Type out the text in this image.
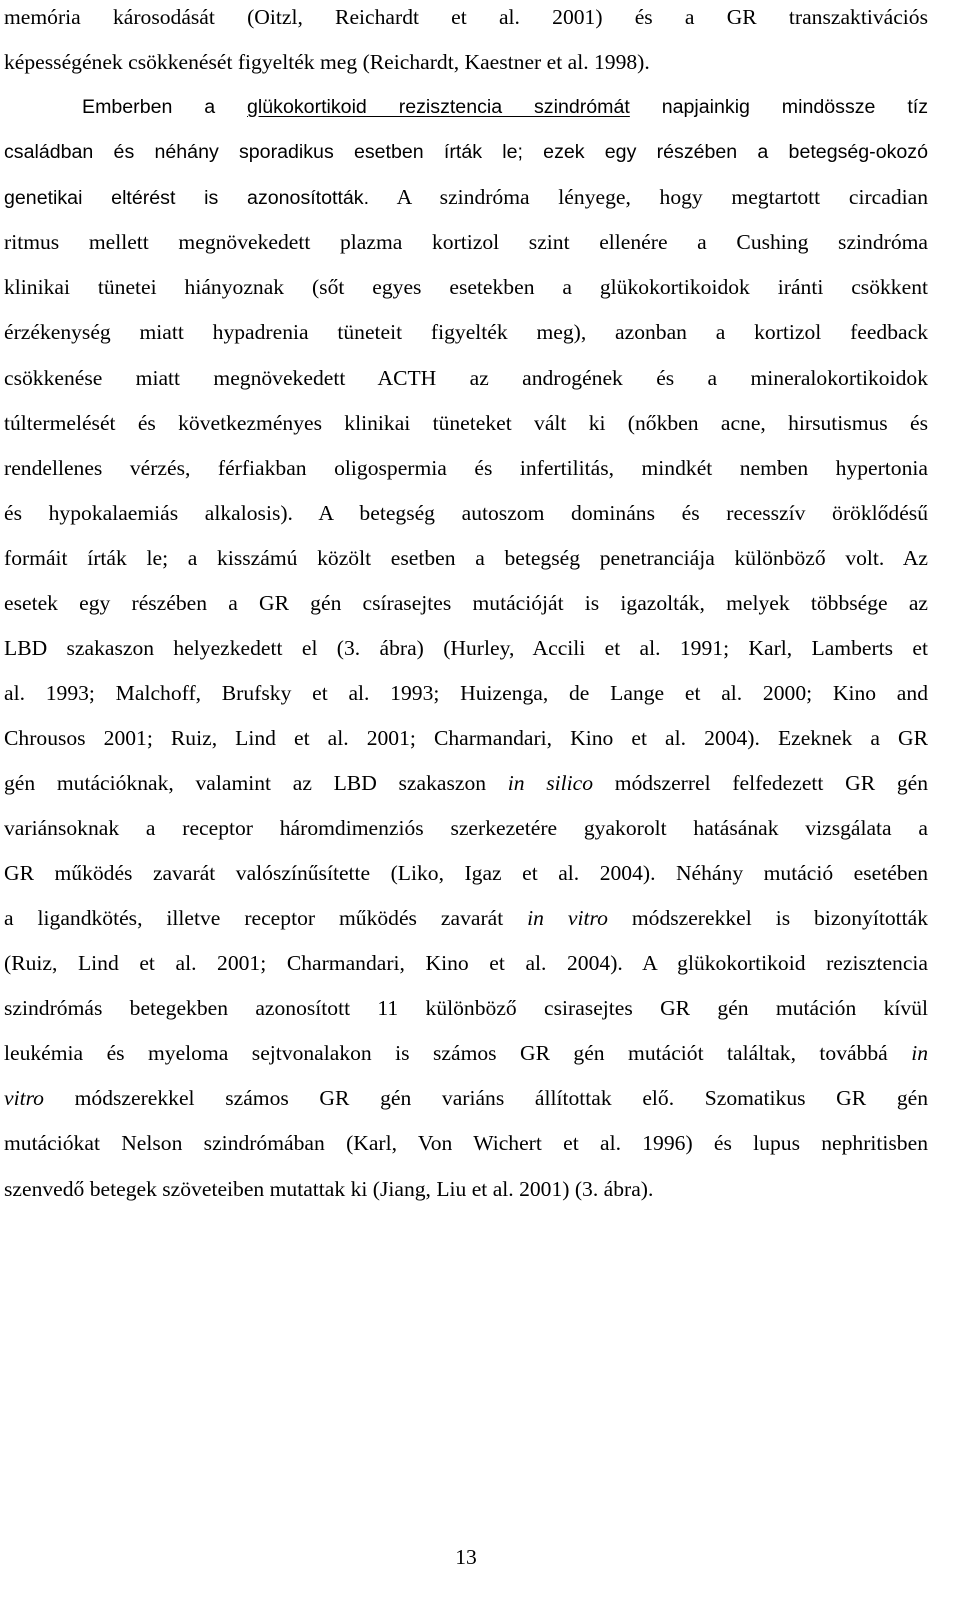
memória károsodását (Oitzl, Reichardt et al. 2001) és a GR transzaktivációs
képességének csökkenését figyelték meg (Reichardt, Kaestner et al. 1998).
Emberben a glükokortikoid rezisztencia szindrómát napjainkig mindössze tíz
családban és néhány sporadikus esetben írták le; ezek egy részében a betegség-okozó
genetikai eltérést is azonosították. A szindróma lényege, hogy megtartott circadian
ritmus mellett megnövekedett plazma kortizol szint ellenére a Cushing szindróma
klinikai tünetei hiányoznak (sőt egyes esetekben a glükokortikoidok iránti csökkent
érzékenység miatt hypadrenia tüneteit figyelték meg), azonban a kortizol feedback
csökkenése miatt megnövekedett ACTH az androgének és a mineralokortikoidok
túltermelését és következményes klinikai tüneteket vált ki (nőkben acne, hirsutismus és
rendellenes vérzés, férfiakban oligospermia és infertilitás, mindkét nemben hypertonia
és hypokalaemiás alkalosis). A betegség autoszom domináns és recesszív öröklődésű
formáit írták le; a kisszámú közölt esetben a betegség penetranciája különböző volt. Az
esetek egy részében a GR gén csírasejtes mutációját is igazolták, melyek többsége az
LBD szakaszon helyezkedett el (3. ábra) (Hurley, Accili et al. 1991; Karl, Lamberts et
al. 1993; Malchoff, Brufsky et al. 1993; Huizenga, de Lange et al. 2000; Kino and
Chrousos 2001; Ruiz, Lind et al. 2001; Charmandari, Kino et al. 2004). Ezeknek a GR
gén mutációknak, valamint az LBD szakaszon in silico módszerrel felfedezett GR gén
variánsoknak a receptor háromdimenziós szerkezetére gyakorolt hatásának vizsgálata a
GR működés zavarát valószínűsítette (Liko, Igaz et al. 2004). Néhány mutáció esetében
a ligandkötés, illetve receptor működés zavarát in vitro módszerekkel is bizonyították
(Ruiz, Lind et al. 2001; Charmandari, Kino et al. 2004). A glükokortikoid rezisztencia
szindrómás betegekben azonosított 11 különböző csirasejtes GR gén mutáción kívül
leukémia és myeloma sejtvonalakon is számos GR gén mutációt találtak, továbbá in
vitro módszerekkel számos GR gén variáns állítottak elő. Szomatikus GR gén
mutációkat Nelson szindrómában (Karl, Von Wichert et al. 1996) és lupus nephritisben
szenvedő betegek szöveteiben mutattak ki (Jiang, Liu et al. 2001) (3. ábra).
13
